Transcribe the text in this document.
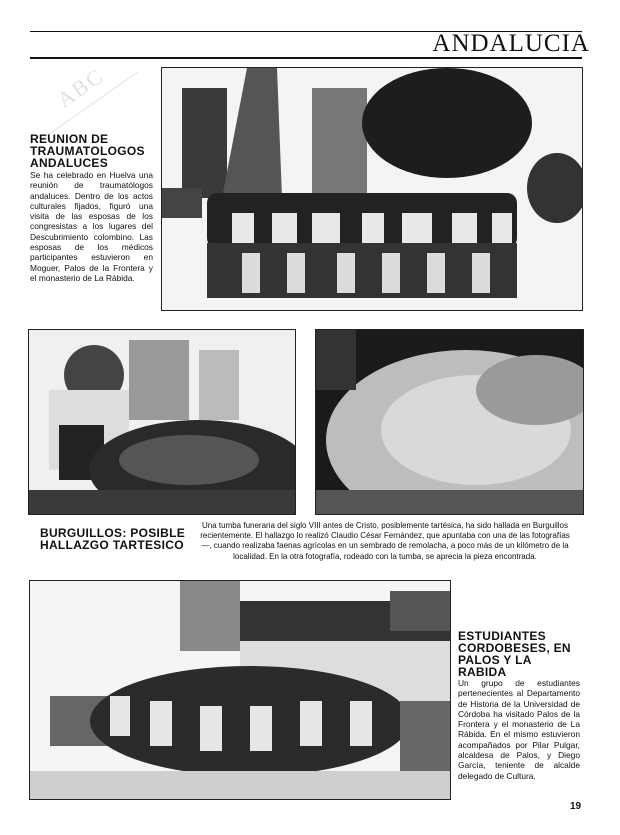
ABC
ANDALUCIA
REUNION DE TRAUMATOLOGOS ANDALUCES
Se ha celebrado en Huelva una reunión de traumatólogos andaluces. Dentro de los actos culturales fijados, figuró una visita de las esposas de los congresistas a los lugares del Descubrimiento colombino. Las esposas de los médicos participantes estuvieron en Moguer, Palos de la Frontera y el monasterio de La Rábida.
BURGUILLOS: POSIBLE HALLAZGO TARTESICO
Una tumba funeraria del siglo VIII antes de Cristo, posiblemente tartésica, ha sido hallada en Burguillos recientemente. El hallazgo lo realizó Claudio César Fernández, que apuntaba con una de las fotografías —, cuando realizaba faenas agrícolas en un sembrado de remolacha, a poco más de un kilómetro de la localidad. En la otra fotografía, rodeado con la tumba, se aprecia la pieza encontrada.
ESTUDIANTES CORDOBESES, EN PALOS Y LA RABIDA
Un grupo de estudiantes pertenecientes al Departamento de Historia de la Universidad de Córdoba ha visitado Palos de la Frontera y el monasterio de La Rábida. En el mismo estuvieron acompañados por Pilar Pulgar, alcaldesa de Palos, y Diego García, teniente de alcalde delegado de Cultura.
19
